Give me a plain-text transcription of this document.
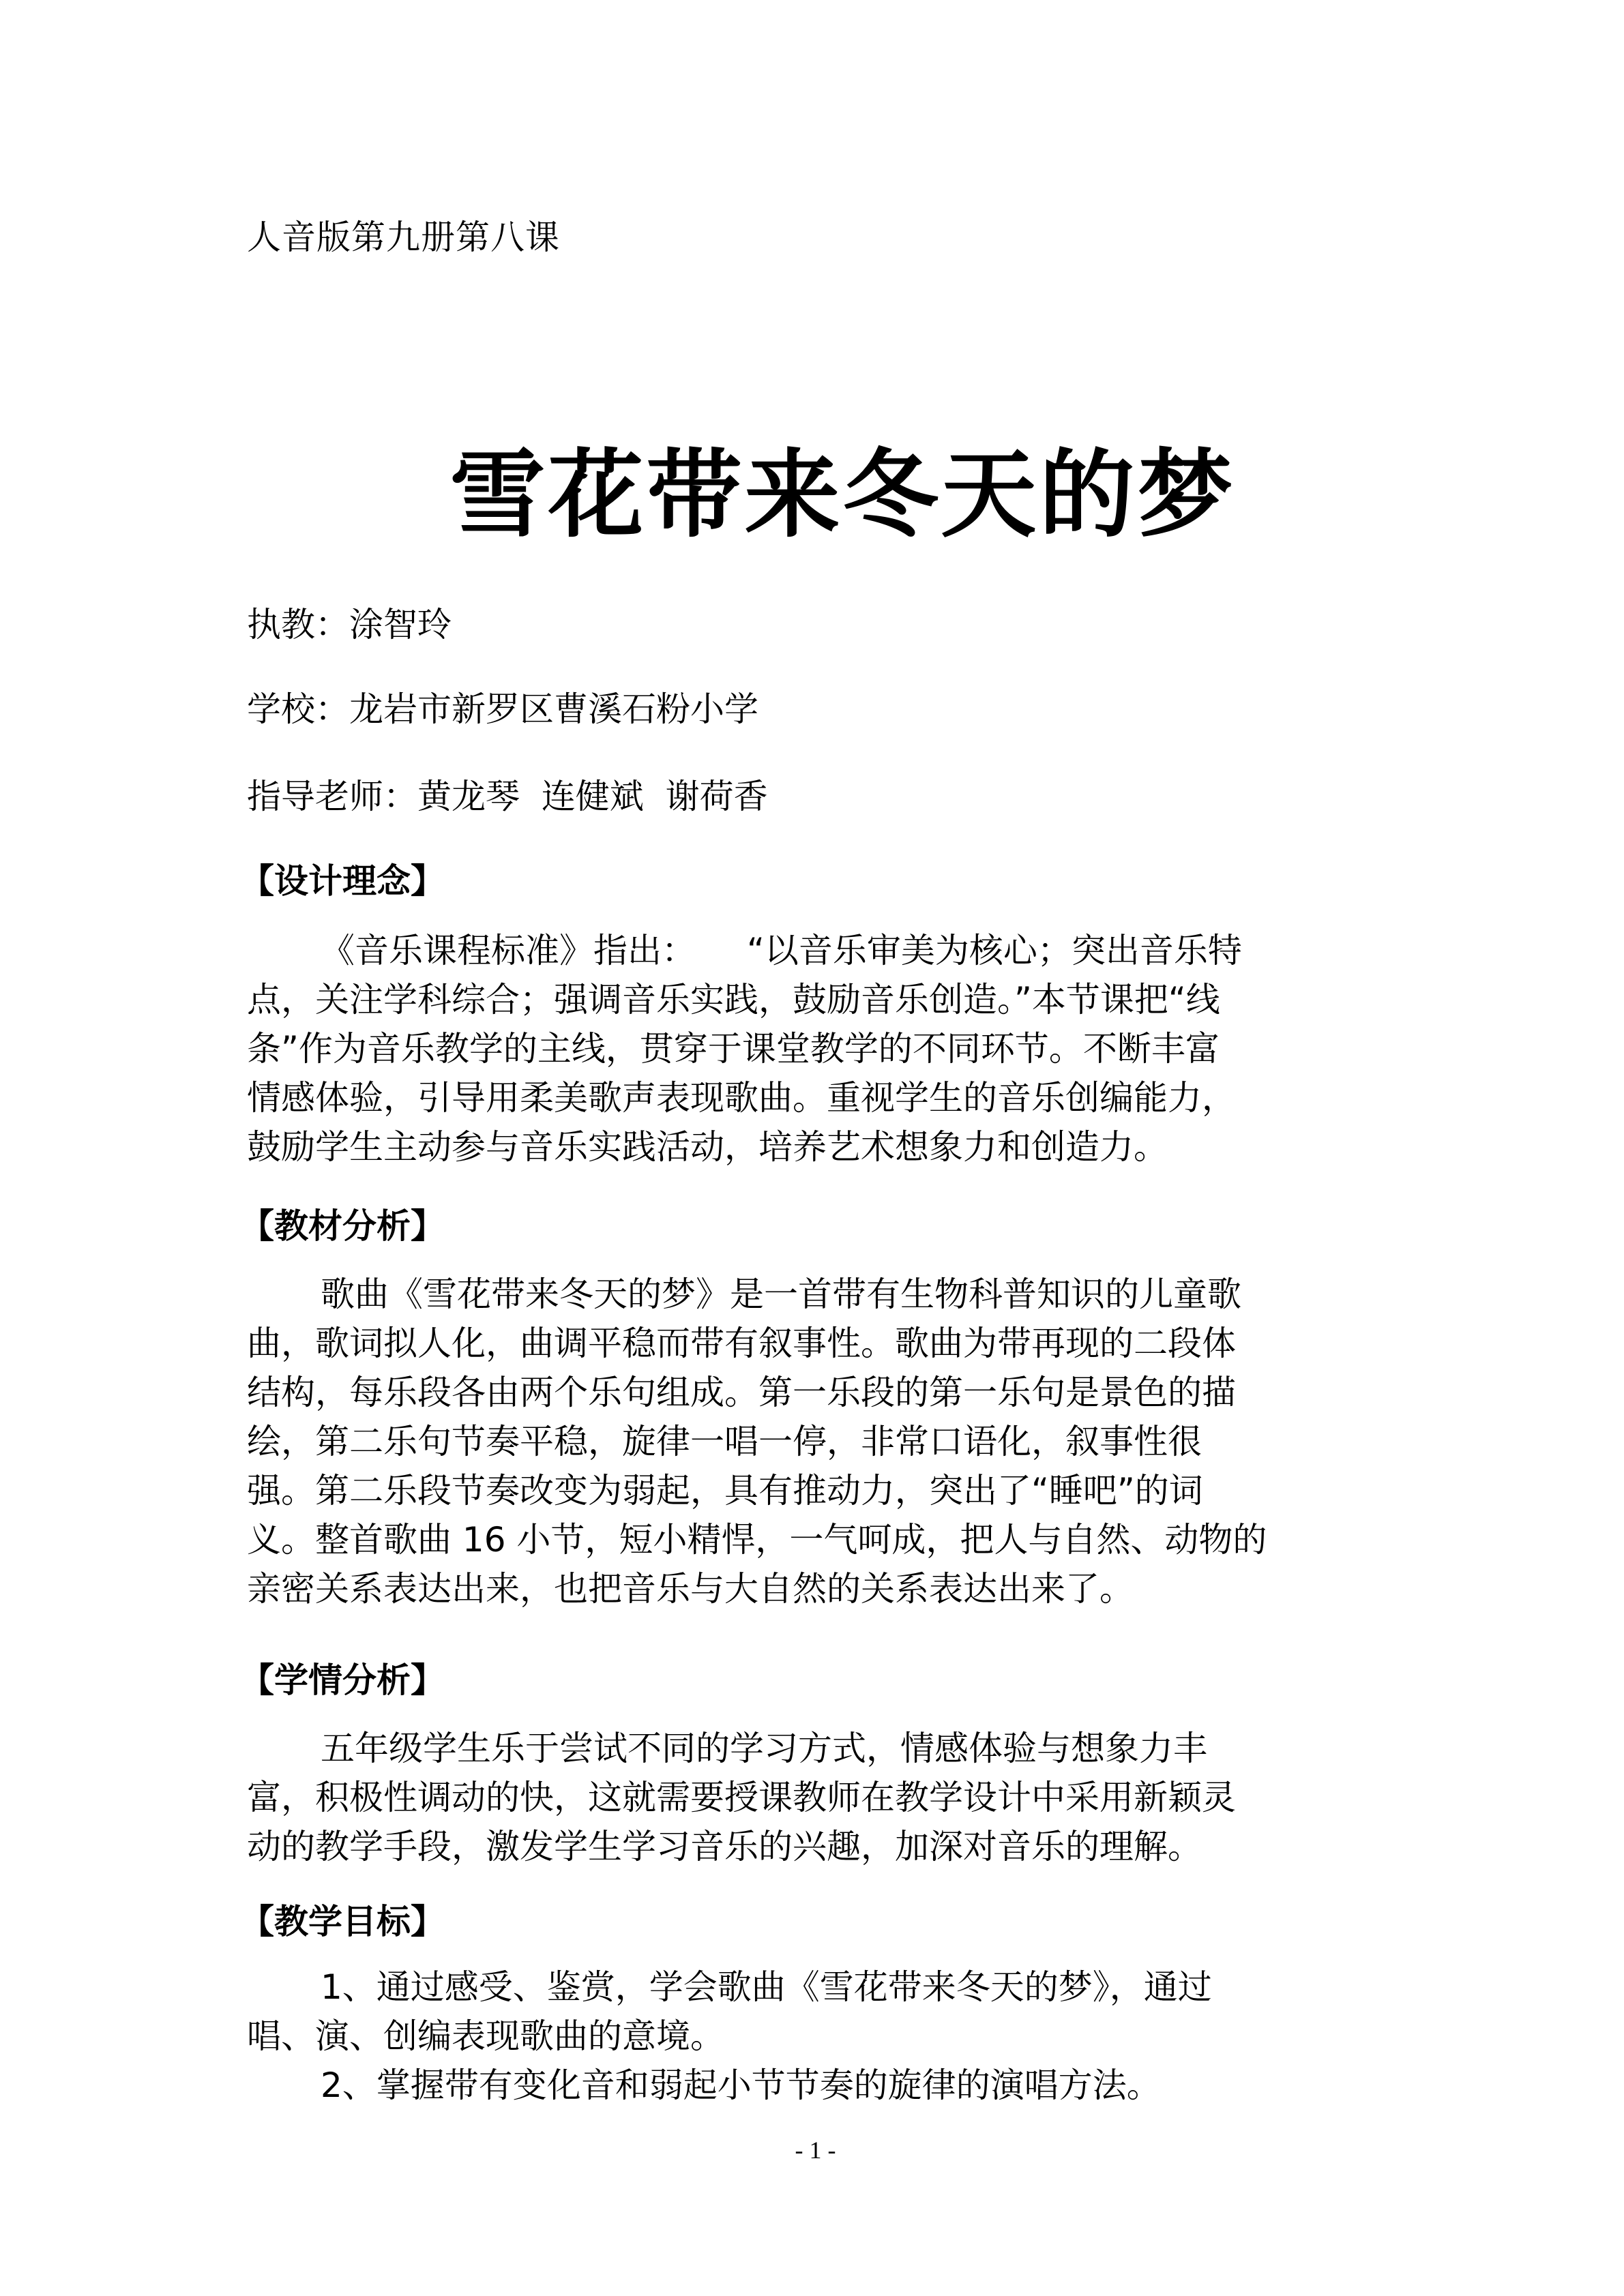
人音版第九册第八课
雪花带来冬天的梦
执教：涂智玲
学校：龙岩市新罗区曹溪石粉小学
指导老师：黄龙琴  连健斌  谢荷香
【设计理念】
《音乐课程标准》指出：　　“以音乐审美为核心；突出音乐特
点，关注学科综合；强调音乐实践，鼓励音乐创造。”本节课把“线
条”作为音乐教学的主线，贯穿于课堂教学的不同环节。不断丰富
情感体验，引导用柔美歌声表现歌曲。重视学生的音乐创编能力，
鼓励学生主动参与音乐实践活动，培养艺术想象力和创造力。
【教材分析】
歌曲《雪花带来冬天的梦》是一首带有生物科普知识的儿童歌
曲，歌词拟人化，曲调平稳而带有叙事性。歌曲为带再现的二段体
结构，每乐段各由两个乐句组成。第一乐段的第一乐句是景色的描
绘，第二乐句节奏平稳，旋律一唱一停，非常口语化，叙事性很
强。第二乐段节奏改变为弱起，具有推动力，突出了“睡吧”的词
义。整首歌曲 16 小节，短小精悍，一气呵成，把人与自然、动物的
亲密关系表达出来，也把音乐与大自然的关系表达出来了。
【学情分析】
五年级学生乐于尝试不同的学习方式，情感体验与想象力丰
富，积极性调动的快，这就需要授课教师在教学设计中采用新颖灵
动的教学手段，激发学生学习音乐的兴趣，加深对音乐的理解。
【教学目标】
1、通过感受、鉴赏，学会歌曲《雪花带来冬天的梦》，通过
唱、演、创编表现歌曲的意境。
2、掌握带有变化音和弱起小节节奏的旋律的演唱方法。
- 1 -
